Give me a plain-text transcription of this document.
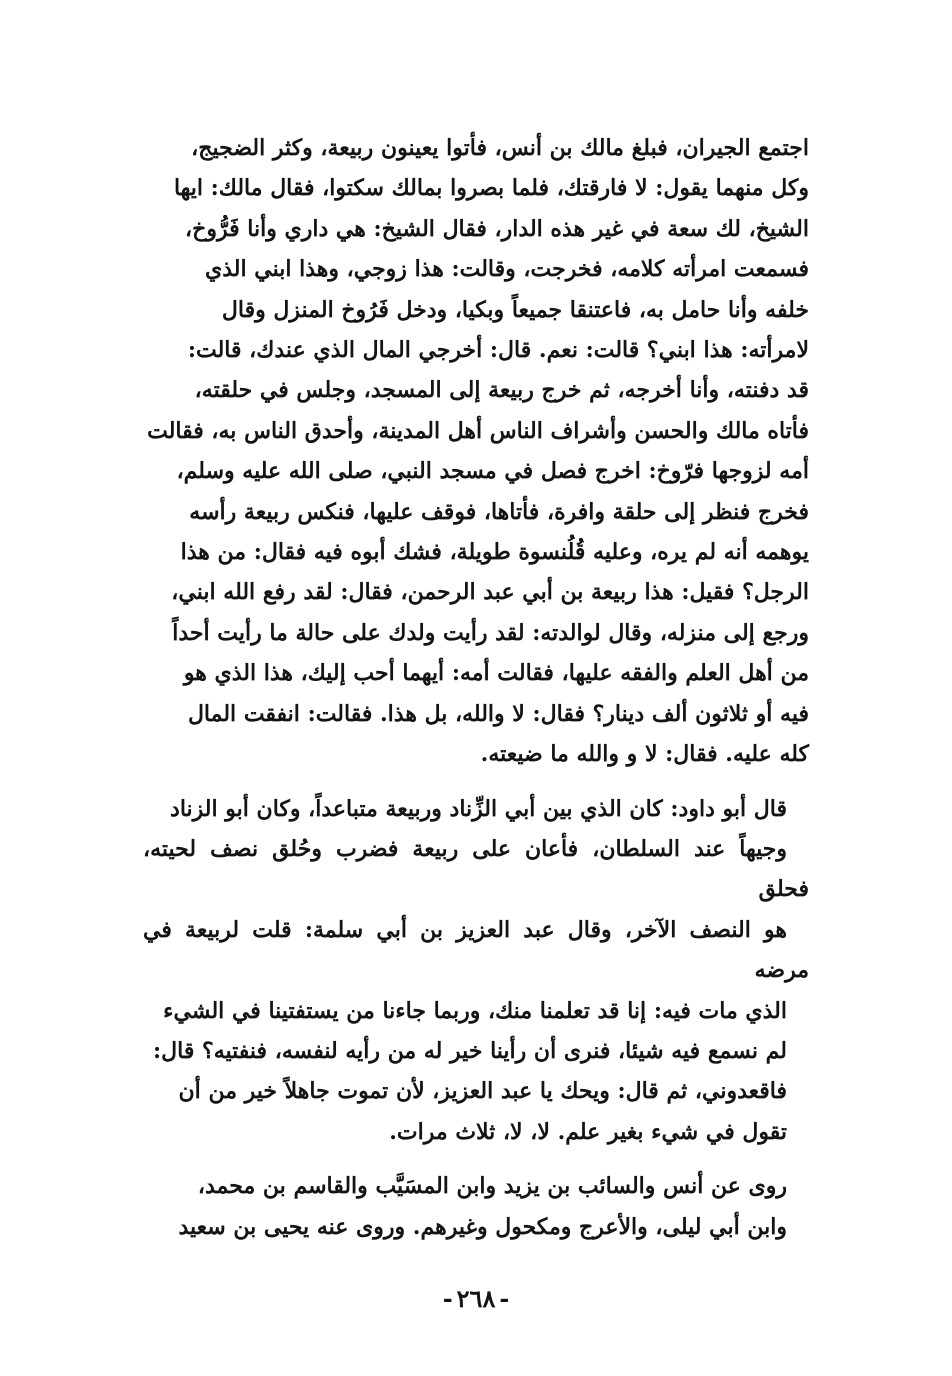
اجتمع الجيران، فبلغ مالك بن أنس، فأتوا يعينون ربيعة، وكثر الضجيج،
وكل منهما يقول: لا فارقتك، فلما بصروا بمالك سكتوا، فقال مالك: ايها
الشيخ، لك سعة في غير هذه الدار، فقال الشيخ: هي داري وأنا فَرُّوخ،
فسمعت امرأته كلامه، فخرجت، وقالت: هذا زوجي، وهذا ابني الذي
خلفه وأنا حامل به، فاعتنقا جميعاً وبكيا، ودخل فَرُوخ المنزل وقال
لامرأته: هذا ابني؟ قالت: نعم. قال: أخرجي المال الذي عندك، قالت:
قد دفنته، وأنا أخرجه، ثم خرج ربيعة إلى المسجد، وجلس في حلقته،
فأتاه مالك والحسن وأشراف الناس أهل المدينة، وأحدق الناس به، فقالت
أمه لزوجها فرّوخ: اخرج فصل في مسجد النبي، صلى الله عليه وسلم،
فخرج فنظر إلى حلقة وافرة، فأتاها، فوقف عليها، فنكس ربيعة رأسه
يوهمه أنه لم يره، وعليه قُلُنسوة طويلة، فشك أبوه فيه فقال: من هذا
الرجل؟ فقيل: هذا ربيعة بن أبي عبد الرحمن، فقال: لقد رفع الله ابني،
ورجع إلى منزله، وقال لوالدته: لقد رأيت ولدك على حالة ما رأيت أحداً
من أهل العلم والفقه عليها، فقالت أمه: أيهما أحب إليك، هذا الذي هو
فيه أو ثلاثون ألف دينار؟ فقال: لا والله، بل هذا. فقالت: انفقت المال
كله عليه. فقال: لا و والله ما ضيعته.

قال أبو داود: كان الذي بين أبي الزِّناد وربيعة متباعداً، وكان أبو الزناد
وجيهاً عند السلطان، فأعان على ربيعة فضرب وحُلق نصف لحيته، فحلق
هو النصف الآخر، وقال عبد العزيز بن أبي سلمة: قلت لربيعة في مرضه
الذي مات فيه: إنا قد تعلمنا منك، وربما جاءنا من يستفتينا في الشيء
لم نسمع فيه شيئا، فنرى أن رأينا خير له من رأيه لنفسه، فنفتيه؟ قال:
فاقعدوني، ثم قال: ويحك يا عبد العزيز، لأن تموت جاهلاً خير من أن
تقول في شيء بغير علم. لا، لا، ثلاث مرات.

روى عن أنس والسائب بن يزيد وابن المسَيَّب والقاسم بن محمد،
وابن أبي ليلى، والأعرج ومكحول وغيرهم. وروى عنه يحيى بن سعيد

-٢٦٨-
